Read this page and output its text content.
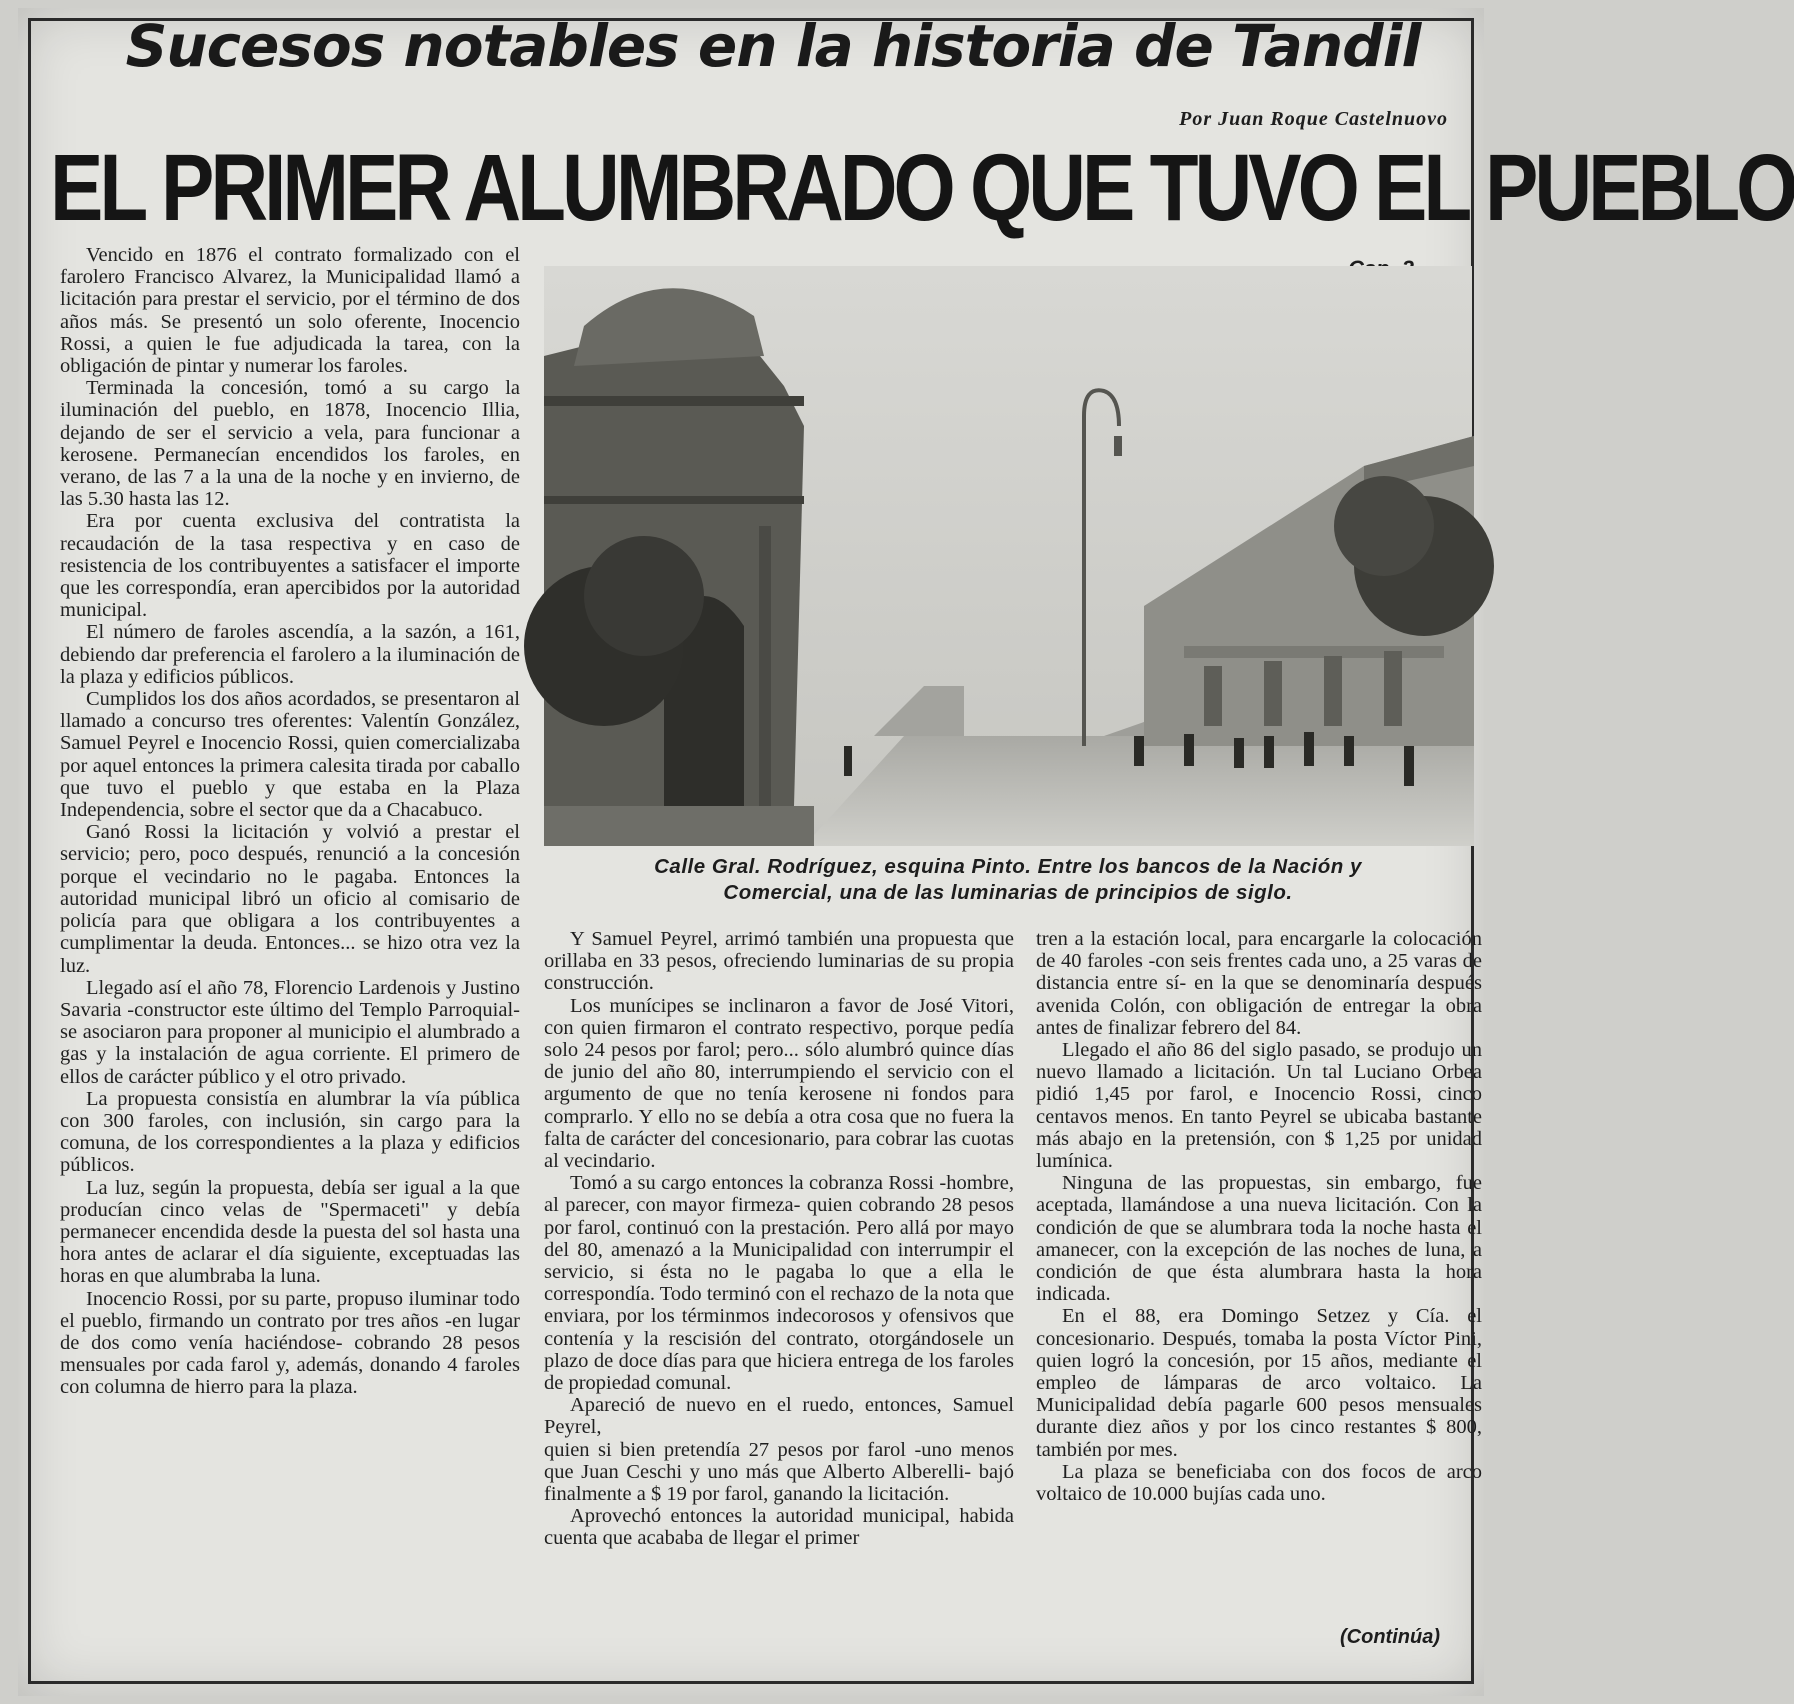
Sucesos notables en la historia de Tandil
Por Juan Roque Castelnuovo
EL PRIMER ALUMBRADO QUE TUVO EL PUEBLO

Vencido en 1876 el contrato formalizado con el farolero Francisco Alvarez, la Municipalidad llamó a licitación para prestar el servicio, por el término de dos años más. Se presentó un solo oferente, Inocencio Rossi, a quien le fue adjudicada la tarea, con la obligación de pintar y numerar los faroles.

Terminada la concesión, tomó a su cargo la iluminación del pueblo, en 1878, Inocencio Illia, dejando de ser el servicio a vela, para funcionar a kerosene. Permanecían encendidos los faroles, en verano, de las 7 a la una de la noche y en invierno, de las 5.30 hasta las 12.

Era por cuenta exclusiva del contratista la recaudación de la tasa respectiva y en caso de resistencia de los contribuyentes a satisfacer el importe que les correspondía, eran apercibidos por la autoridad municipal.

El número de faroles ascendía, a la sazón, a 161, debiendo dar preferencia el farolero a la iluminación de la plaza y edificios públicos.

Cumplidos los dos años acordados, se presentaron al llamado a concurso tres oferentes: Valentín González, Samuel Peyrel e Inocencio Rossi, quien comercializaba por aquel entonces la primera calesita tirada por caballo que tuvo el pueblo y que estaba en la Plaza Independencia, sobre el sector que da a Chacabuco.

Ganó Rossi la licitación y volvió a prestar el servicio; pero, poco después, renunció a la concesión porque el vecindario no le pagaba. Entonces la autoridad municipal libró un oficio al comisario de policía para que obligara a los contribuyentes a cumplimentar la deuda. Entonces... se hizo otra vez la luz.

Llegado así el año 78, Florencio Lardenois y Justino Savaria -constructor este último del Templo Parroquial- se asociaron para proponer al municipio el alumbrado a gas y la instalación de agua corriente. El primero de ellos de carácter público y el otro privado.

La propuesta consistía en alumbrar la vía pública con 300 faroles, con inclusión, sin cargo para la comuna, de los correspondientes a la plaza y edificios públicos.

La luz, según la propuesta, debía ser igual a la que producían cinco velas de "Spermaceti" y debía permanecer encendida desde la puesta del sol hasta una hora antes de aclarar el día siguiente, exceptuadas las horas en que alumbraba la luna.

Inocencio Rossi, por su parte, propuso iluminar todo el pueblo, firmando un contrato por tres años -en lugar de dos como venía haciéndose- cobrando 28 pesos mensuales por cada farol y, además, donando 4 faroles con columna de hierro para la plaza.

Calle Gral. Rodríguez, esquina Pinto. Entre los bancos de la Nación y
Comercial, una de las luminarias de principios de siglo.

Y Samuel Peyrel, arrimó también una propuesta que orillaba en 33 pesos, ofreciendo luminarias de su propia construcción.

Los munícipes se inclinaron a favor de José Vitori, con quien firmaron el contrato respectivo, porque pedía solo 24 pesos por farol; pero... sólo alumbró quince días de junio del año 80, interrumpiendo el servicio con el argumento de que no tenía kerosene ni fondos para comprarlo. Y ello no se debía a otra cosa que no fuera la falta de carácter del concesionario, para cobrar las cuotas al vecindario.

Tomó a su cargo entonces la cobranza Rossi -hombre, al parecer, con mayor firmeza- quien cobrando 28 pesos por farol, continuó con la prestación. Pero allá por mayo del 80, amenazó a la Municipalidad con interrumpir el servicio, si ésta no le pagaba lo que a ella le correspondía. Todo terminó con el rechazo de la nota que enviara, por los términmos indecorosos y ofensivos que contenía y la rescisión del contrato, otorgándosele un plazo de doce días para que hiciera entrega de los faroles de propiedad comunal.

Apareció de nuevo en el ruedo, entonces, Samuel Peyrel,

quien si bien pretendía 27 pesos por farol -uno menos que Juan Ceschi y uno más que Alberto Alberelli- bajó finalmente a $ 19 por farol, ganando la licitación.

Aprovechó entonces la autoridad municipal, habida cuenta que acababa de llegar el primer

tren a la estación local, para encargarle la colocación de 40 faroles -con seis frentes cada uno, a 25 varas de distancia entre sí- en la que se denominaría después avenida Colón, con obligación de entregar la obra antes de finalizar febrero del 84.

Llegado el año 86 del siglo pasado, se produjo un nuevo llamado a licitación. Un tal Luciano Orbea pidió 1,45 por farol, e Inocencio Rossi, cinco centavos menos. En tanto Peyrel se ubicaba bastante más abajo en la pretensión, con $ 1,25 por unidad lumínica.

Ninguna de las propuestas, sin embargo, fue aceptada, llamándose a una nueva licitación. Con la condición de que se alumbrara toda la noche hasta el amanecer, con la excepción de las noches de luna, a condición de que ésta alumbrara hasta la hora indicada.

En el 88, era Domingo Setzez y Cía. el concesionario. Después, tomaba la posta Víctor Pini, quien logró la concesión, por 15 años, mediante el empleo de lámparas de arco voltaico. La Municipalidad debía pagarle 600 pesos mensuales durante diez años y por los cinco restantes $ 800, también por mes.

La plaza se beneficiaba con dos focos de arco voltaico de 10.000 bujías cada uno.

(Continúa)
